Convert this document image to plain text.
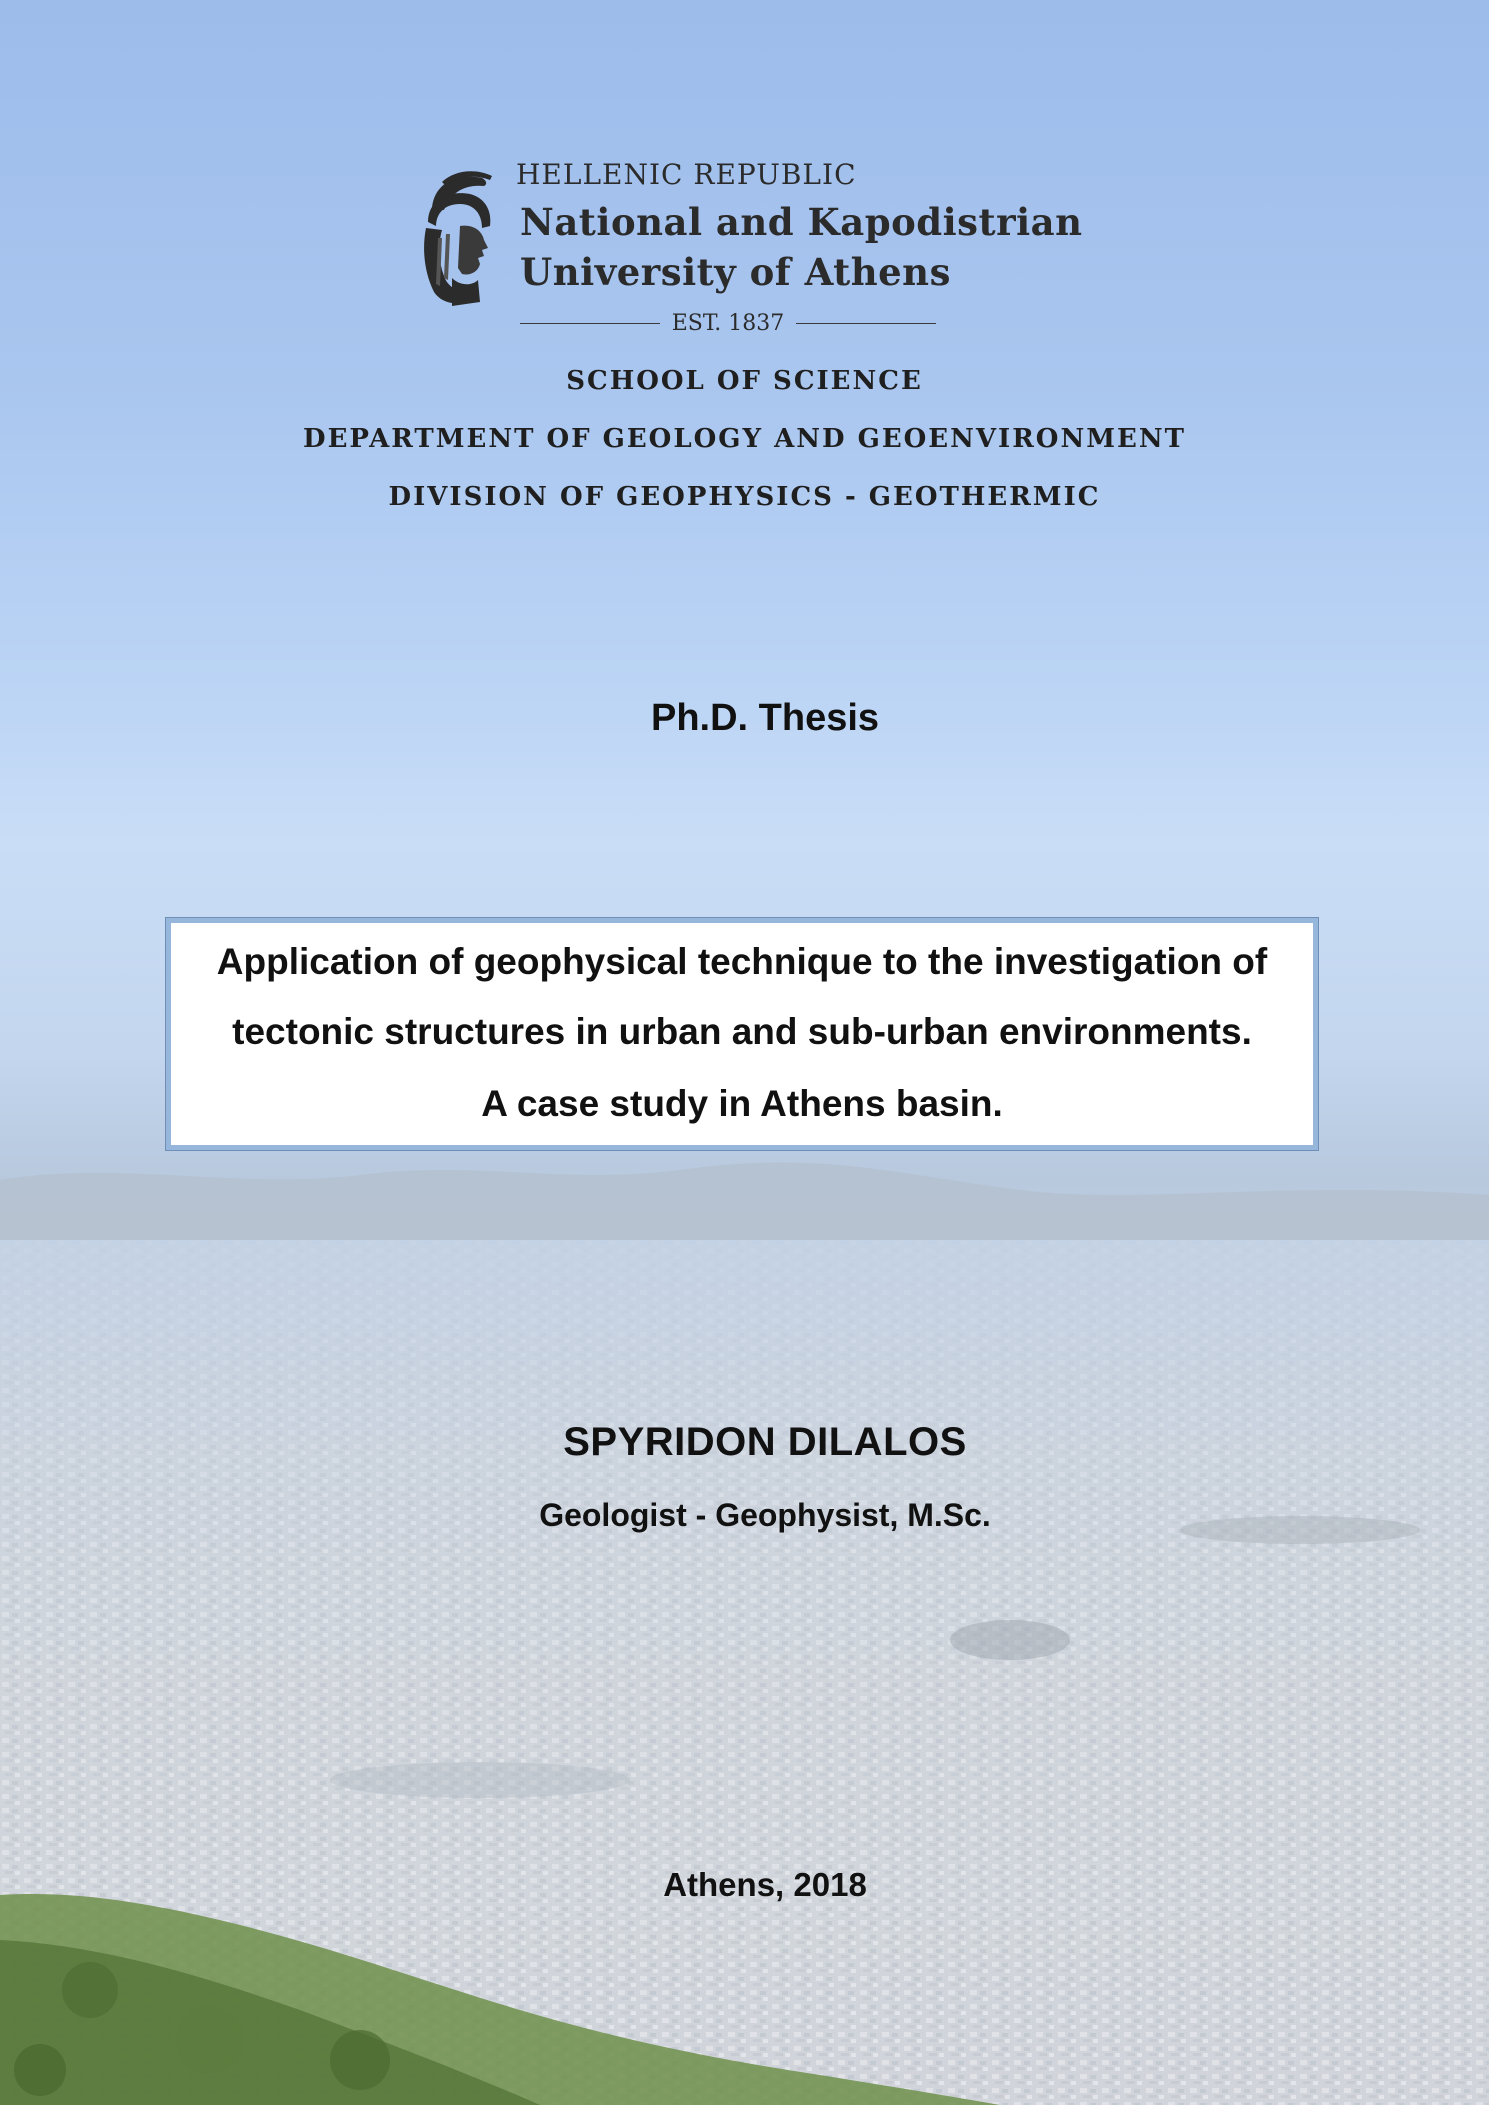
HELLENIC REPUBLIC
National and Kapodistrian
University of Athens
EST. 1837
SCHOOL OF SCIENCE
DEPARTMENT OF GEOLOGY AND GEOENVIRONMENT
DIVISION OF GEOPHYSICS - GEOTHERMIC
Ph.D. Thesis
Application of geophysical technique to the investigation of
tectonic structures in urban and sub-urban environments.
A case study in Athens basin.
SPYRIDON DILALOS
Geologist - Geophysist, M.Sc.
Athens, 2018
